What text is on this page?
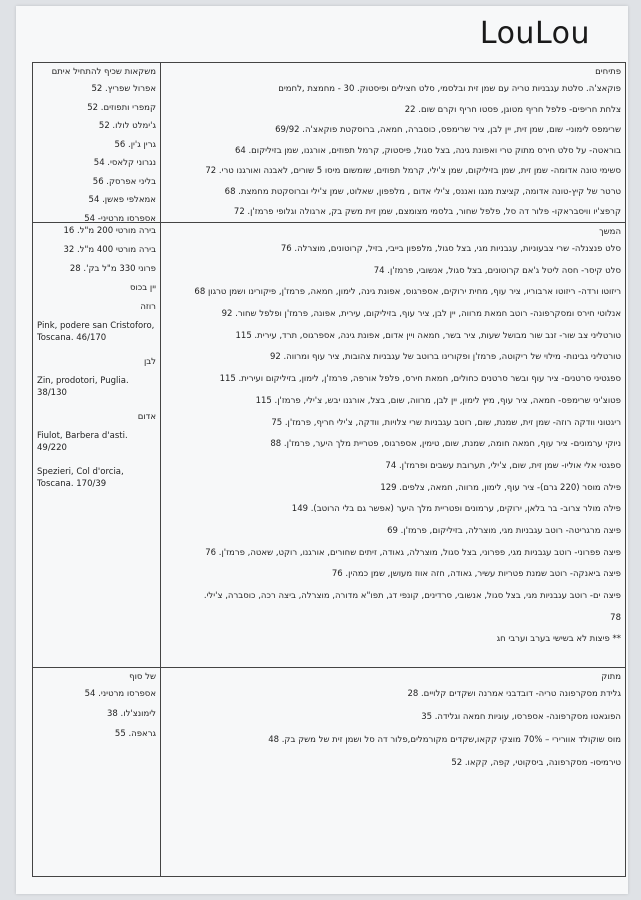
LouLou
פתיחים
פוקאצ'ה. סלטת עגבניות טריה עם שמן זית ובלסמי, סלט חצילים ופיסטוק. 30 - מחמצת ,לחמים
צלחת חריפים- פלפל חריף מטוגן, פסטו חריף וקרם שום. 22
שרימפס לימוני- שום, שמן זית, יין לבן, ציר שרימפס, כוסברה, חמאה, ברוסקטת פוקאצ'ה. 69/92
בוראטה- על סלט חירס מתוק טרי ואפונת גינה, בצל סגול, פיסטוק, קרמל תפוזים, אורגנו, שמן בזיליקום. 64
סשימי טונה אדומה- שמן זית, שמן בזיליקום, שמן צ'ילי, קרמל תפוזים, שומשום מיסו 5 שורים, לאבנה ואורגנו טרי. 72
טרטר של קיץ-טונה אדומה, קציצת מנגו ואננס, צ'ילי אדום , מלפפון, שאלוט, שמן צ'ילי וברוסקטת מחמצת. 68
קרפצ'יו וויסבראקו- פלור דה סל, פלפל שחור, בלסמי מצומצם, שמן זית משק בק, ארגולה וגלופי פרמז'ן. 72
משקאות שכיף להתחיל איתם
אפרול שפריץ. 52
קמפרי ותפוזים. 52
ג'ימלט לולו. 52
גרין ג'ין. 56
נגרוני קלאסי. 54
בליני אפרסק. 56
אמאלפי פאשן. 54
אספרסו מרטיני- 54
המשך
סלט פנצנלה- שרי צבעוניות, עגבניות מגי, בצל סגול, מלפפון בייבי, בזיל, קרוטונים, מוצרלה. 76
סלט קיסר- חסה ליטל ג'אם קרוטונים, בצל סגול, אנשובי, פרמז'ן. 74
ריזוטו ורדה- ריזוטו ארבוריו, ציר עוף, מחית ירוקים, אספרגוס, אפונת גינה, לימון, חמאה, פרמז'ן, פיקורינו ושמן טרגון 68
אנלוטי חירס ומסקרפונה- רוטב חמאת מרווה, יין לבן, ציר עוף, בזיליקום, עירית, אפונה, פרמז'ן ופלפל שחור. 92
טורטליני צב שור- זנב שור מבושל שעות, ציר בשר, חמאה ויין אדום, אפונת גינה, אספרגוס, תרד, עירית. 115
טורטליני גבינות- מילוי של ריקוטה, פרמז'ן ופקורינו ברוטב של עגבניות צהובות, ציר עוף ומרווה. 92
ספגטיני סרטנים- ציר עוף ובשר סרטנים כחולים, חמאת חירס, פלפל אורפה, פרמז'ן, לימון, בזיליקום ועירית. 115
פטוצ'יני שרימפס- חמאה, ציר עוף, מיץ לימון, יין לבן, מרווה, שום, בצל, אורגנו יבש, צ'ילי, פרמז'ן. 115
ריגטוני וודקה רוזה- שמן זית, שמנת, שום, רוטב עגבניות שרי צלויות, וודקה, צ'ילי חריף, פרמז'ן. 75
ניוקי ערמונים- ציר עוף, חמאה חומה, שמנת, שום, טימין, אספרגוס, פטריית מלך היער, פרמז'ן. 88
ספגטי אלי אוליו- שמן זית, שום, צ'ילי, תערובת עשבים ופרמז'ן. 74
פילה מוסר (220 גרם)- ציר עוף, לימון, מרווה, חמאה, צלפים. 129
פילה מולר צרוב- בר בלאן, ירוקים, ערמונים ופטריית מלך היער (אפשר גם בלי הרוטב). 149
פיצה מרגריטה- רוטב עגבניות מגי, מוצרלה, בזיליקום, פרמז'ן. 69
פיצה פפרוני- רוטב עגבניות מגי, פפרוני, בצל סגול, מוצרלה, גאודה, זיתים שחורים, אורגנו, רוקט, שאטה, פרמז'ן. 76
פיצה ביאנקה- רוטב שמנת פטריות עשיר, גאודה, חזה אווז מעושן, שמן כמהין. 76
פיצה ים- רוטב עגבניות מגי, בצל סגול, אנשובי, סרדינים, קונפי דג, תפו"א מדורה, מוצרלה, ביצה רכה, כוסברה, צ'ילי.
78
** פיצות לא בשישי בערב וערבי חג
בירה מורטי 200 מ"ל. 16
בירה מורטי 400 מ"ל. 32
פרוני 330 מ"ל בק'. 28
יין בכוס
רוזה
Pink, podere san Cristoforo, Toscana. 46/170
לבן
Zin, prodotori, Puglia. 38/130
אדום
Fiulot, Barbera d'asti. 49/220
Spezieri, Col d'orcia, Toscana. 170/39
מתוק
גלידת מסקרפונה טריה- דובדבני אמרנה ושקדים קלויים. 28
הפוגאטו מסקרפונה- אספרסו, עוגיות חמאה וגלידה. 35
מוס שוקולד אוורירי – 70% מוצקי קקאו,שקדים מקורמלים,פלור דה סל ושמן זית של משק בק. 48
טירמיסו- מסקרפונה, ביסקוטי, קפה, קקאו. 52
של סוף
אספרסו מרטיני. 54
לימונצ'לו. 38
גראפה. 55
